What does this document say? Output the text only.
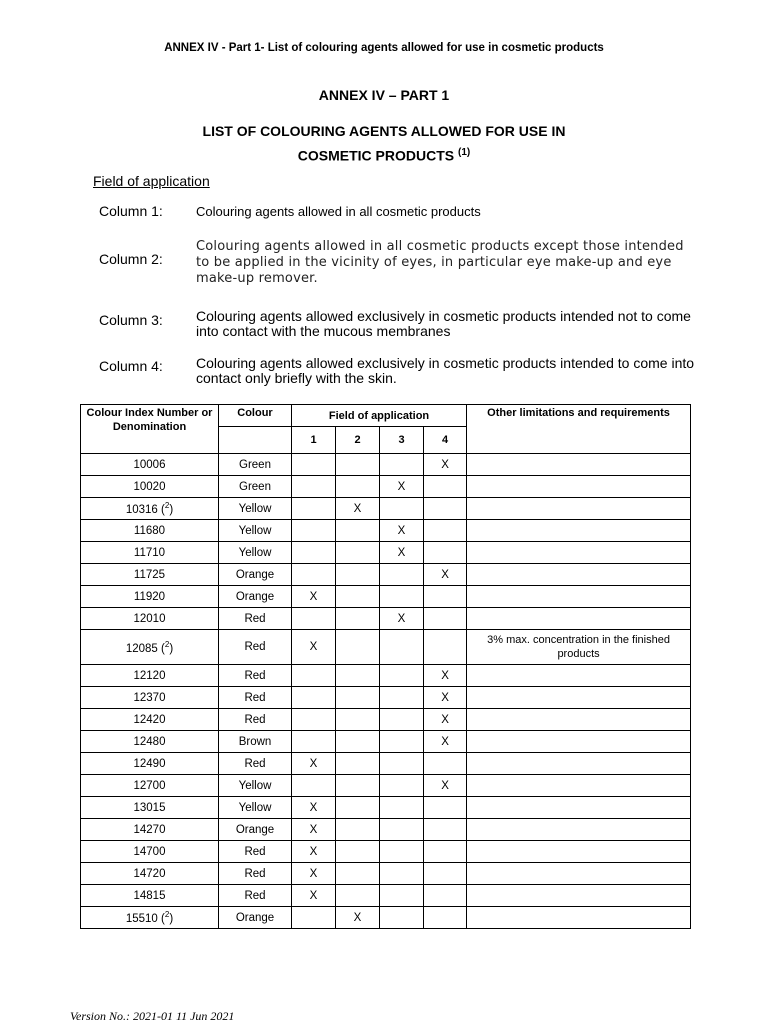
ANNEX IV - Part 1- List of colouring agents allowed for use in cosmetic products
ANNEX IV – PART 1
LIST OF COLOURING AGENTS ALLOWED FOR USE IN
COSMETIC PRODUCTS $^{(1)}$
Field of application
Column 1:	Colouring agents allowed in all cosmetic products
Column 2:
Colouring agents allowed in all cosmetic products except those intended to be applied in the vicinity of eyes, in particular eye make-up and eye make-up remover.
Column 3: Colouring agents allowed exclusively in cosmetic products intended not to come into contact with the mucous membranes
Column 4: Colouring agents allowed exclusively in cosmetic products intended to come into contact only briefly with the skin.
Colour Index Number or Denomination	Colour	Field of application				Other limitations and requirements
		1	2	3	4	
10006	Green				X	
10020	Green			X		
10316 ($^2$)	Yellow		X			
11680	Yellow			X		
11710	Yellow			X		
11725	Orange				X	
11920	Orange	X				
12010	Red			X		
12085 ($^2$)	Red	X				3% max. concentration in the finished products
12120	Red				X	
12370	Red				X	
12420	Red				X	
12480	Brown				X	
12490	Red	X				
12700	Yellow				X	
13015	Yellow	X				
14270	Orange	X				
14700	Red	X				
14720	Red	X				
14815	Red	X				
15510 ($^2$)	Orange		X			
Version No.: 2021-01 11 Jun 2021
